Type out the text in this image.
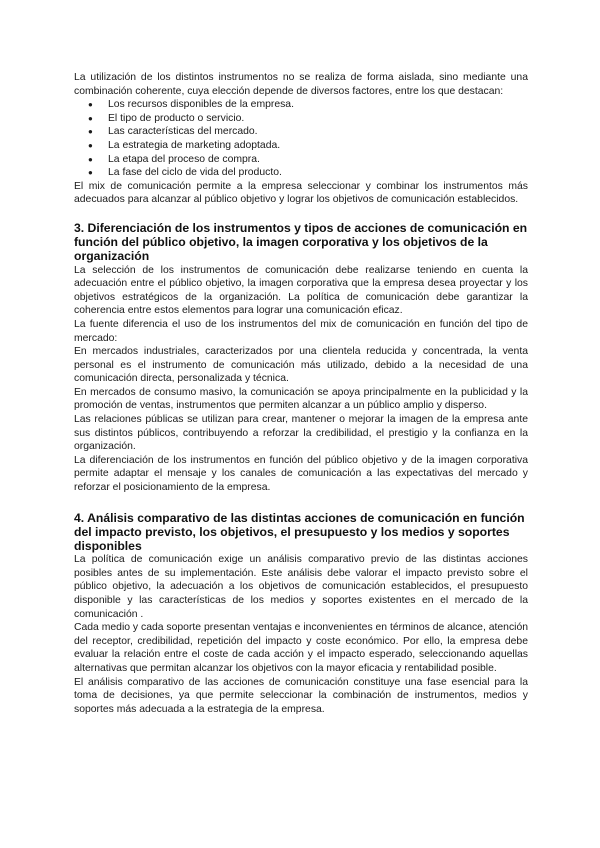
La utilización de los distintos instrumentos no se realiza de forma aislada, sino mediante una combinación coherente, cuya elección depende de diversos factores, entre los que destacan:

● Los recursos disponibles de la empresa.
● El tipo de producto o servicio.
● Las características del mercado.
● La estrategia de marketing adoptada.
● La etapa del proceso de compra.
● La fase del ciclo de vida del producto.

El mix de comunicación permite a la empresa seleccionar y combinar los instrumentos más adecuados para alcanzar al público objetivo y lograr los objetivos de comunicación establecidos.

3. Diferenciación de los instrumentos y tipos de acciones de comunicación en función del público objetivo, la imagen corporativa y los objetivos de la organización

La selección de los instrumentos de comunicación debe realizarse teniendo en cuenta la adecuación entre el público objetivo, la imagen corporativa que la empresa desea proyectar y los objetivos estratégicos de la organización. La política de comunicación debe garantizar la coherencia entre estos elementos para lograr una comunicación eficaz.

La fuente diferencia el uso de los instrumentos del mix de comunicación en función del tipo de mercado:

En mercados industriales, caracterizados por una clientela reducida y concentrada, la venta personal es el instrumento de comunicación más utilizado, debido a la necesidad de una comunicación directa, personalizada y técnica.

En mercados de consumo masivo, la comunicación se apoya principalmente en la publicidad y la promoción de ventas, instrumentos que permiten alcanzar a un público amplio y disperso.

Las relaciones públicas se utilizan para crear, mantener o mejorar la imagen de la empresa ante sus distintos públicos, contribuyendo a reforzar la credibilidad, el prestigio y la confianza en la organización.

La diferenciación de los instrumentos en función del público objetivo y de la imagen corporativa permite adaptar el mensaje y los canales de comunicación a las expectativas del mercado y reforzar el posicionamiento de la empresa.

4. Análisis comparativo de las distintas acciones de comunicación en función del impacto previsto, los objetivos, el presupuesto y los medios y soportes disponibles

La política de comunicación exige un análisis comparativo previo de las distintas acciones posibles antes de su implementación. Este análisis debe valorar el impacto previsto sobre el público objetivo, la adecuación a los objetivos de comunicación establecidos, el presupuesto disponible y las características de los medios y soportes existentes en el mercado de la comunicación .

Cada medio y cada soporte presentan ventajas e inconvenientes en términos de alcance, atención del receptor, credibilidad, repetición del impacto y coste económico. Por ello, la empresa debe evaluar la relación entre el coste de cada acción y el impacto esperado, seleccionando aquellas alternativas que permitan alcanzar los objetivos con la mayor eficacia y rentabilidad posible.

El análisis comparativo de las acciones de comunicación constituye una fase esencial para la toma de decisiones, ya que permite seleccionar la combinación de instrumentos, medios y soportes más adecuada a la estrategia de la empresa.
